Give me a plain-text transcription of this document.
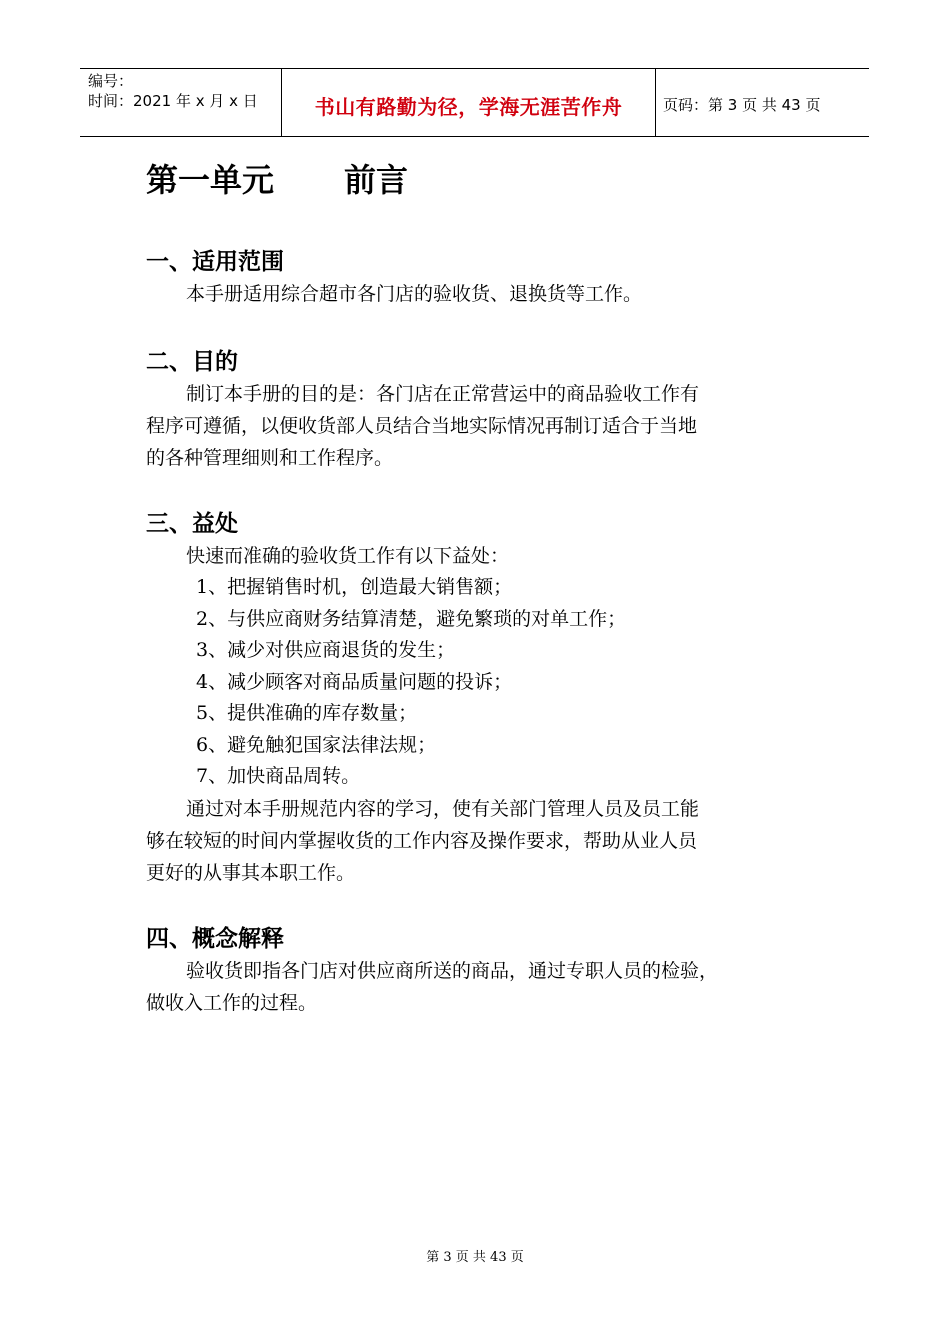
编号：
时间：2021 年 x 月 x 日	书山有路勤为径，学海无涯苦作舟	页码：第 3 页 共 43 页
第一单元 前言
一、适用范围

本手册适用综合超市各门店的验收货、退换货等工作。

二、目的

制订本手册的目的是：各门店在正常营运中的商品验收工作有

程序可遵循，以便收货部人员结合当地实际情况再制订适合于当地

的各种管理细则和工作程序。

三、益处

快速而准确的验收货工作有以下益处：

1、把握销售时机，创造最大销售额；

2、与供应商财务结算清楚，避免繁琐的对单工作；

3、减少对供应商退货的发生；

4、减少顾客对商品质量问题的投诉；

5、提供准确的库存数量；

6、避免触犯国家法律法规；

7、加快商品周转。

通过对本手册规范内容的学习，使有关部门管理人员及员工能

够在较短的时间内掌握收货的工作内容及操作要求，帮助从业人员

更好的从事其本职工作。

四、概念解释

验收货即指各门店对供应商所送的商品，通过专职人员的检验，

做收入工作的过程。

第 3 页 共 43 页
